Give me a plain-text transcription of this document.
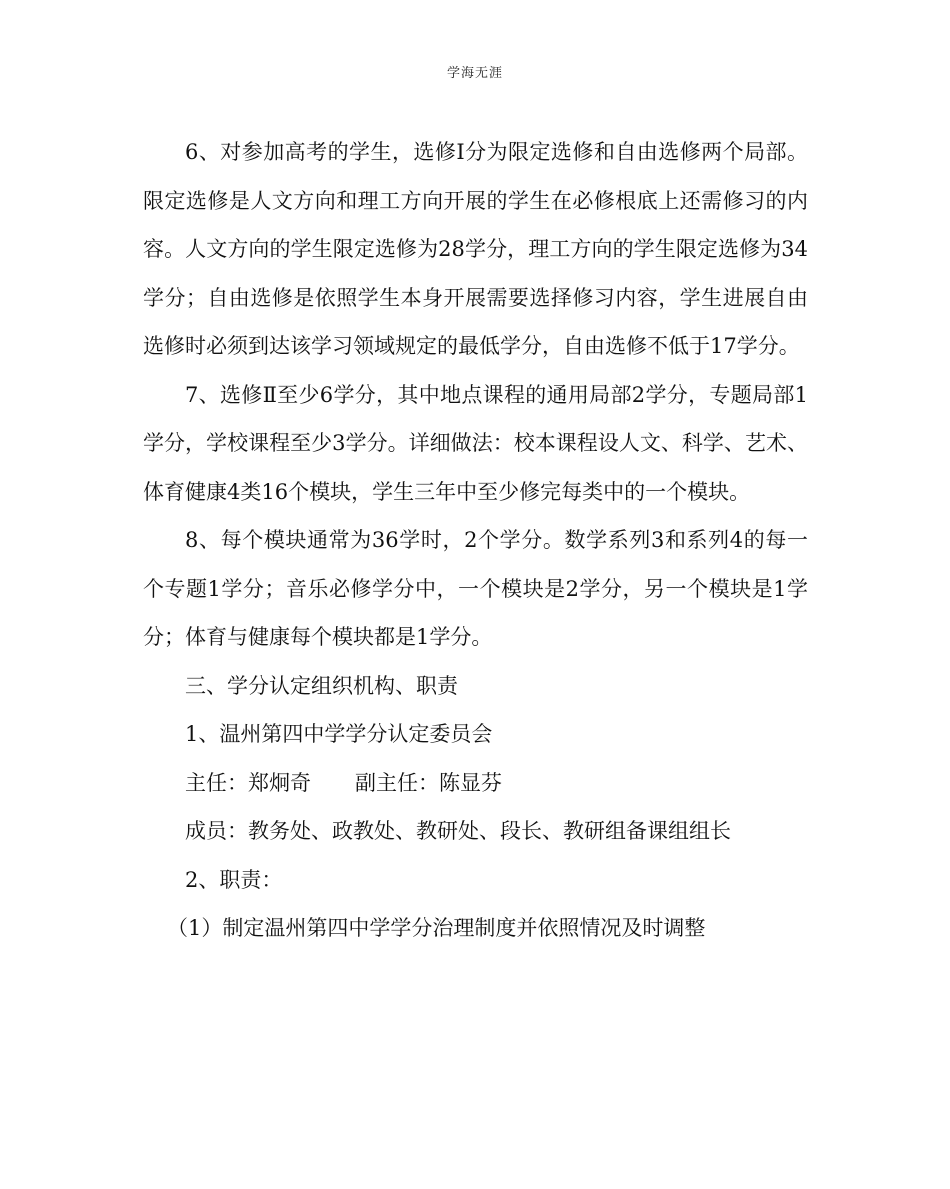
学海无涯

6、对参加高考的学生，选修Ⅰ分为限定选修和自由选修两个局部。限定选修是人文方向和理工方向开展的学生在必修根底上还需修习的内容。人文方向的学生限定选修为28学分，理工方向的学生限定选修为34学分；自由选修是依照学生本身开展需要选择修习内容，学生进展自由选修时必须到达该学习领域规定的最低学分，自由选修不低于17学分。

7、选修Ⅱ至少6学分，其中地点课程的通用局部2学分，专题局部1学分，学校课程至少3学分。详细做法：校本课程设人文、科学、艺术、体育健康4类16个模块，学生三年中至少修完每类中的一个模块。

8、每个模块通常为36学时，2个学分。数学系列3和系列4的每一个专题1学分；音乐必修学分中，一个模块是2学分，另一个模块是1学分；体育与健康每个模块都是1学分。

三、学分认定组织机构、职责

1、温州第四中学学分认定委员会

主任：郑炯奇 副主任：陈显芬

成员：教务处、政教处、教研处、段长、教研组备课组组长

2、职责：

（1）制定温州第四中学学分治理制度并依照情况及时调整
